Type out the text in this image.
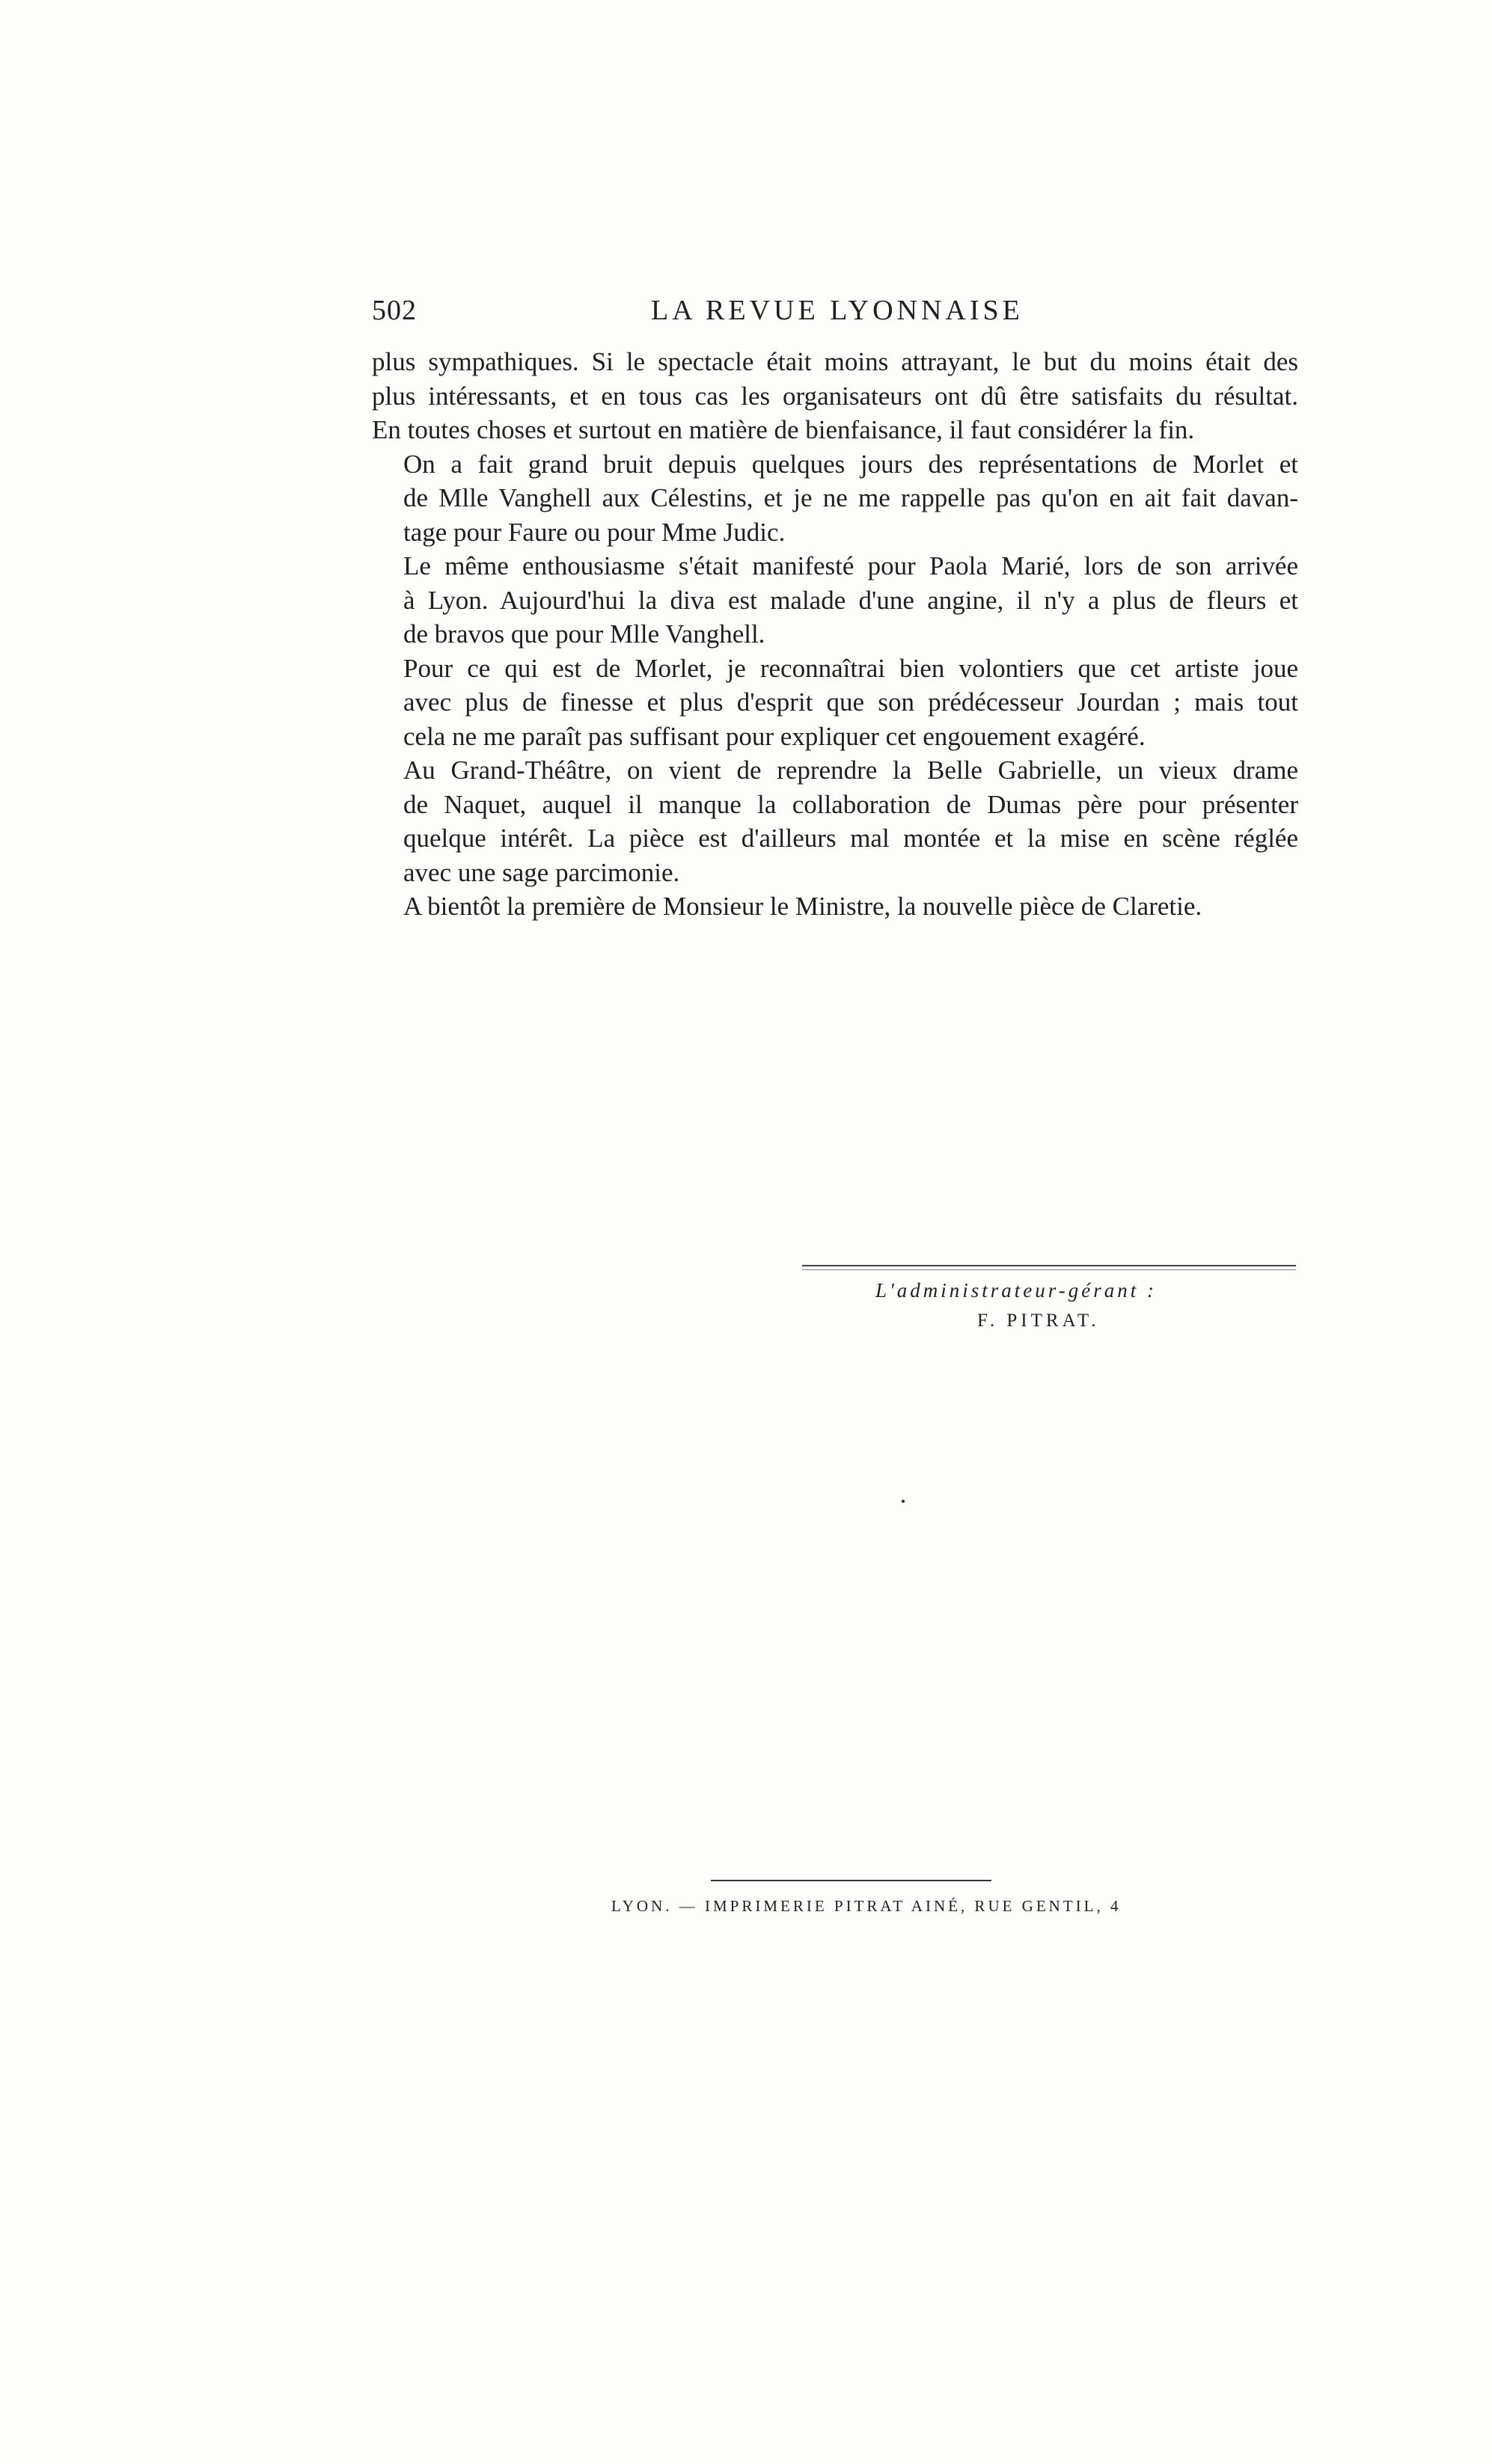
502	LA REVUE LYONNAISE

plus sympathiques. Si le spectacle était moins attrayant, le but du moins était des
plus intéressants, et en tous cas les organisateurs ont dû être satisfaits du résultat.
En toutes choses et surtout en matière de bienfaisance, il faut considérer la fin.

On a fait grand bruit depuis quelques jours des représentations de Morlet et
de Mlle Vanghell aux Célestins, et je ne me rappelle pas qu'on en ait fait davan-
tage pour Faure ou pour Mme Judic.

Le même enthousiasme s'était manifesté pour Paola Marié, lors de son arrivée
à Lyon. Aujourd'hui la diva est malade d'une angine, il n'y a plus de fleurs et
de bravos que pour Mlle Vanghell.

Pour ce qui est de Morlet, je reconnaîtrai bien volontiers que cet artiste joue
avec plus de finesse et plus d'esprit que son prédécesseur Jourdan ; mais tout
cela ne me paraît pas suffisant pour expliquer cet engouement exagéré.

Au Grand-Théâtre, on vient de reprendre la Belle Gabrielle, un vieux drame
de Naquet, auquel il manque la collaboration de Dumas père pour présenter
quelque intérêt. La pièce est d'ailleurs mal montée et la mise en scène réglée
avec une sage parcimonie.

A bientôt la première de Monsieur le Ministre, la nouvelle pièce de Claretie.

L'administrateur-gérant :
F. PITRAT.
LYON. — IMPRIMERIE PITRAT AINÉ, RUE GENTIL, 4
